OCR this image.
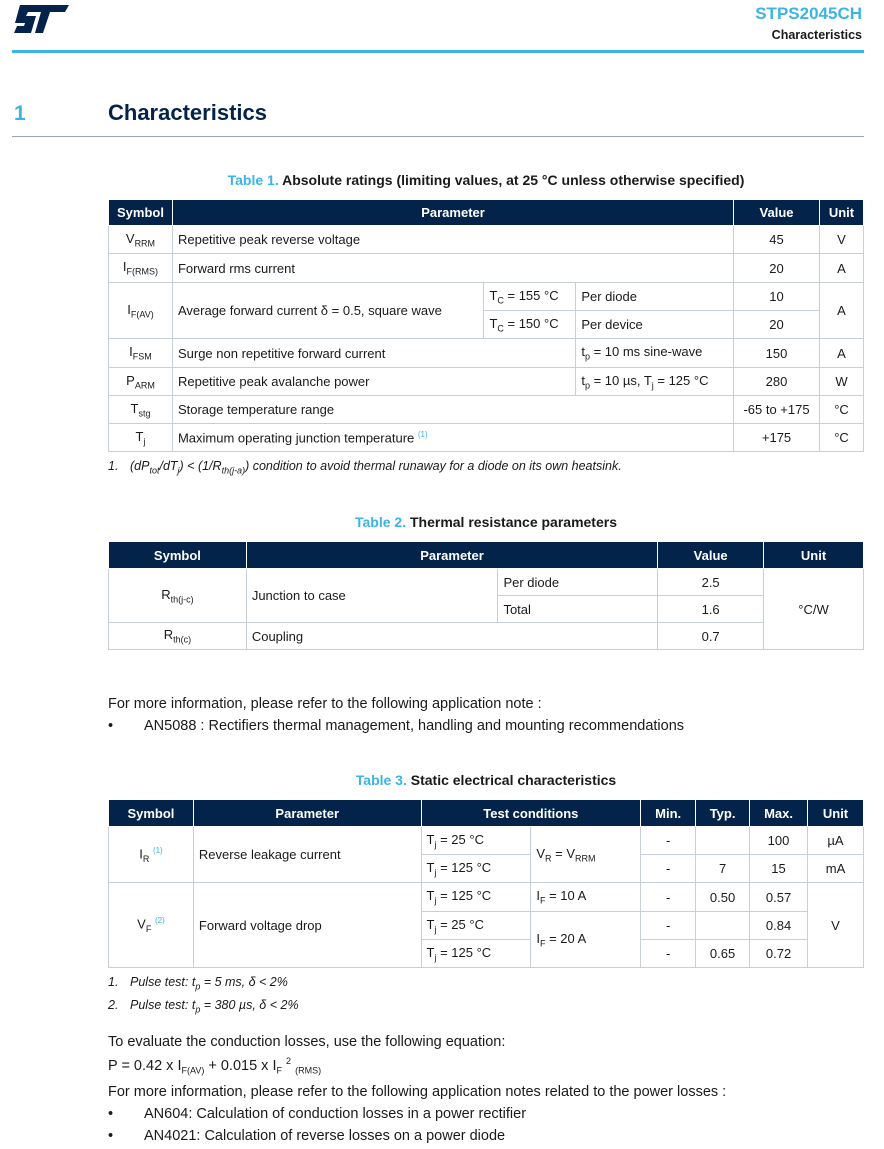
STPS2045CH
Characteristics
1	Characteristics
Table 1. Absolute ratings (limiting values, at 25 °C unless otherwise specified)
Symbol	Parameter			Value	Unit
$V_{RRM}$	Repetitive peak reverse voltage			45	V
$I_{F(RMS)}$	Forward rms current			20	A
$I_{F(AV)}$	Average forward current δ = 0.5, square wave	$T_C = 155$ °C	Per diode	10	A
		$T_C = 150$ °C	Per device	20	
$I_{FSM}$	Surge non repetitive forward current		$t_p = 10$ ms sine-wave	150	A
$P_{ARM}$	Repetitive peak avalanche power		$t_p = 10$ µs, $T_j = 125$ °C	280	W
$T_{stg}$	Storage temperature range			-65 to +175	°C
$T_j$	Maximum operating junction temperature $^{(1)}$			+175	°C
1. $(dP_{tot}/dT_j) < (1/R_{th(j-a)})$ condition to avoid thermal runaway for a diode on its own heatsink.
Table 2. Thermal resistance parameters
Symbol	Parameter		Value	Unit
$R_{th(j-c)}$	Junction to case	Per diode	2.5	°C/W
		Total	1.6	
$R_{th(c)}$	Coupling		0.7	
For more information, please refer to the following application note :
• AN5088 : Rectifiers thermal management, handling and mounting recommendations
Table 3. Static electrical characteristics
Symbol	Parameter	Test conditions		Min.	Typ.	Max.	Unit
$I_R$ $^{(1)}$	Reverse leakage current	$T_j = 25$ °C	$V_R = V_{RRM}$	-		100	µA
		$T_j = 125$ °C		-	7	15	mA
$V_F$ $^{(2)}$	Forward voltage drop	$T_j = 125$ °C	$I_F = 10$ A	-	0.50	0.57	V
		$T_j = 25$ °C	$I_F = 20$ A	-		0.84	
		$T_j = 125$ °C		-	0.65	0.72	
1. Pulse test: $t_p = 5$ ms, δ < 2%
2. Pulse test: $t_p = 380$ µs, δ < 2%
To evaluate the conduction losses, use the following equation:
P = 0.42 x $I_{F(AV)} + 0.015$ x $I_F$ $^2$ $_{(RMS)}$
For more information, please refer to the following application notes related to the power losses :
• AN604: Calculation of conduction losses in a power rectifier
• AN4021: Calculation of reverse losses on a power diode
